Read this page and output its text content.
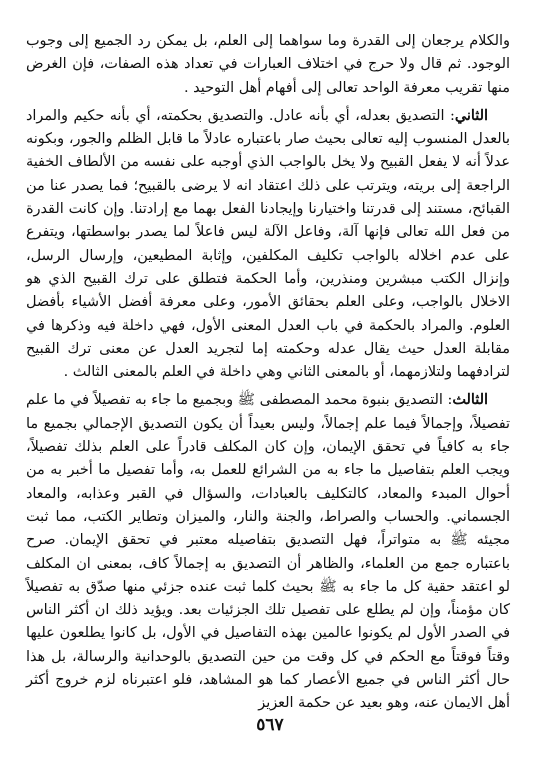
والكلام يرجعان إلى القدرة وما سواهما إلى العلم، بل يمكن رد الجميع إلى وجوب الوجود. ثم قال ولا حرج في اختلاف العبارات في تعداد هذه الصفات، فإن الغرض منها تقريب معرفة الواحد تعالى إلى أفهام أهل التوحيد .

الثاني: التصديق بعدله، أي بأنه عادل. والتصديق بحكمته، أي بأنه حكيم والمراد بالعدل المنسوب إليه تعالى بحيث صار باعتباره عادلاً ما قابل الظلم والجور، وبكونه عدلاً أنه لا يفعل القبيح ولا يخل بالواجب الذي أوجبه على نفسه من الألطاف الخفية الراجعة إلى بريته، ويترتب على ذلك اعتقاد انه لا يرضى بالقبيح؛ فما يصدر عنا من القبائح، مستند إلى قدرتنا واختيارنا وإيجادنا الفعل بهما مع إرادتنا. وإن كانت القدرة من فعل الله تعالى فإنها آلة، وفاعل الآلة ليس فاعلاً لما يصدر بواسطتها، ويتفرع على عدم اخلاله بالواجب تكليف المكلفين، وإثابة المطيعين، وإرسال الرسل، وإنزال الكتب مبشرين ومنذرين، وأما الحكمة فتطلق على ترك القبيح الذي هو الاخلال بالواجب، وعلى العلم بحقائق الأمور، وعلى معرفة أفضل الأشياء بأفضل العلوم. والمراد بالحكمة في باب العدل المعنى الأول، فهي داخلة فيه وذكرها في مقابلة العدل حيث يقال عدله وحكمته إما لتجريد العدل عن معنى ترك القبيح لترادفهما ولتلازمهما، أو بالمعنى الثاني وهي داخلة في العلم بالمعنى الثالث .

الثالث: التصديق بنبوة محمد المصطفى ﷺ وبجميع ما جاء به تفصيلاً في ما علم تفصيلاً، وإجمالاً فيما علم إجمالاً، وليس بعيداً أن يكون التصديق الإجمالي بجميع ما جاء به كافياً في تحقق الإيمان، وإن كان المكلف قادراً على العلم بذلك تفصيلاً، ويجب العلم بتفاصيل ما جاء به من الشرائع للعمل به، وأما تفصيل ما أخبر به من أحوال المبدء والمعاد، كالتكليف بالعبادات، والسؤال في القبر وعذابه، والمعاد الجسماني. والحساب والصراط، والجنة والنار، والميزان وتطاير الكتب، مما ثبت مجيئه ﷺ به متواتراً، فهل التصديق بتفاصيله معتبر في تحقق الإيمان. صرح باعتباره جمع من العلماء، والظاهر أن التصديق به إجمالاً كاف، بمعنى ان المكلف لو اعتقد حقية كل ما جاء به ﷺ بحيث كلما ثبت عنده جزئي منها صدّق به تفصيلاً كان مؤمناً، وإن لم يطلع على تفصيل تلك الجزئيات بعد. ويؤيد ذلك ان أكثر الناس في الصدر الأول لم يكونوا عالمين بهذه التفاصيل في الأول، بل كانوا يطلعون عليها وقتاً فوقتاً مع الحكم في كل وقت من حين التصديق بالوحدانية والرسالة، بل هذا حال أكثر الناس في جميع الأعصار كما هو المشاهد، فلو اعتبرناه لزم خروج أكثر أهل الايمان عنه، وهو بعيد عن حكمة العزيز

٥٦٧
